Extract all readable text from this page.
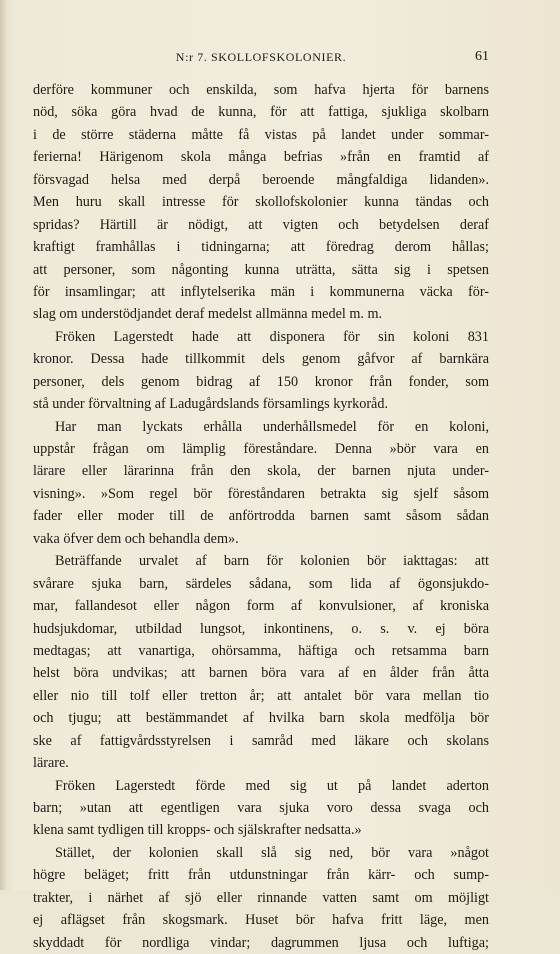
N:r 7. SKOLLOFSKOLONIER.	61
derföre kommuner och enskilda, som hafva hjerta för barnens
nöd, söka göra hvad de kunna, för att fattiga, sjukliga skolbarn
i de större städerna måtte få vistas på landet under sommar-
ferierna! Härigenom skola många befrias »från en framtid af
försvagad helsa med derpå beroende mångfaldiga lidanden».
Men huru skall intresse för skollofskolonier kunna tändas och
spridas? Härtill är nödigt, att vigten och betydelsen deraf
kraftigt framhållas i tidningarna; att föredrag derom hållas;
att personer, som någonting kunna uträtta, sätta sig i spetsen
för insamlingar; att inflytelserika män i kommunerna väcka för-
slag om understödjandet deraf medelst allmänna medel m. m.
Fröken Lagerstedt hade att disponera för sin koloni 831
kronor. Dessa hade tillkommit dels genom gåfvor af barnkära
personer, dels genom bidrag af 150 kronor från fonder, som
stå under förvaltning af Ladugårdslands församlings kyrkoråd.
Har man lyckats erhålla underhållsmedel för en koloni,
uppstår frågan om lämplig föreståndare. Denna »bör vara en
lärare eller lärarinna från den skola, der barnen njuta under-
visning». »Som regel bör föreståndaren betrakta sig sjelf såsom
fader eller moder till de anförtrodda barnen samt såsom sådan
vaka öfver dem och behandla dem».
Beträffande urvalet af barn för kolonien bör iakttagas: att
svårare sjuka barn, särdeles sådana, som lida af ögonsjukdo-
mar, fallandesot eller någon form af konvulsioner, af kroniska
hudsjukdomar, utbildad lungsot, inkontinens, o. s. v. ej böra
medtagas; att vanartiga, ohörsamma, häftiga och retsamma barn
helst böra undvikas; att barnen böra vara af en ålder från åtta
eller nio till tolf eller tretton år; att antalet bör vara mellan tio
och tjugu; att bestämmandet af hvilka barn skola medfölja bör
ske af fattigvårdsstyrelsen i samråd med läkare och skolans
lärare.
Fröken Lagerstedt förde med sig ut på landet aderton
barn; »utan att egentligen vara sjuka voro dessa svaga och
klena samt tydligen till kropps- och själskrafter nedsatta.»
Stället, der kolonien skall slå sig ned, bör vara »något
högre beläget; fritt från utdunstningar från kärr- och sump-
trakter, i närhet af sjö eller rinnande vatten samt om möjligt
ej aflägset från skogsmark. Huset bör hafva fritt läge, men
skyddadt för nordliga vindar; dagrummen ljusa och luftiga;
